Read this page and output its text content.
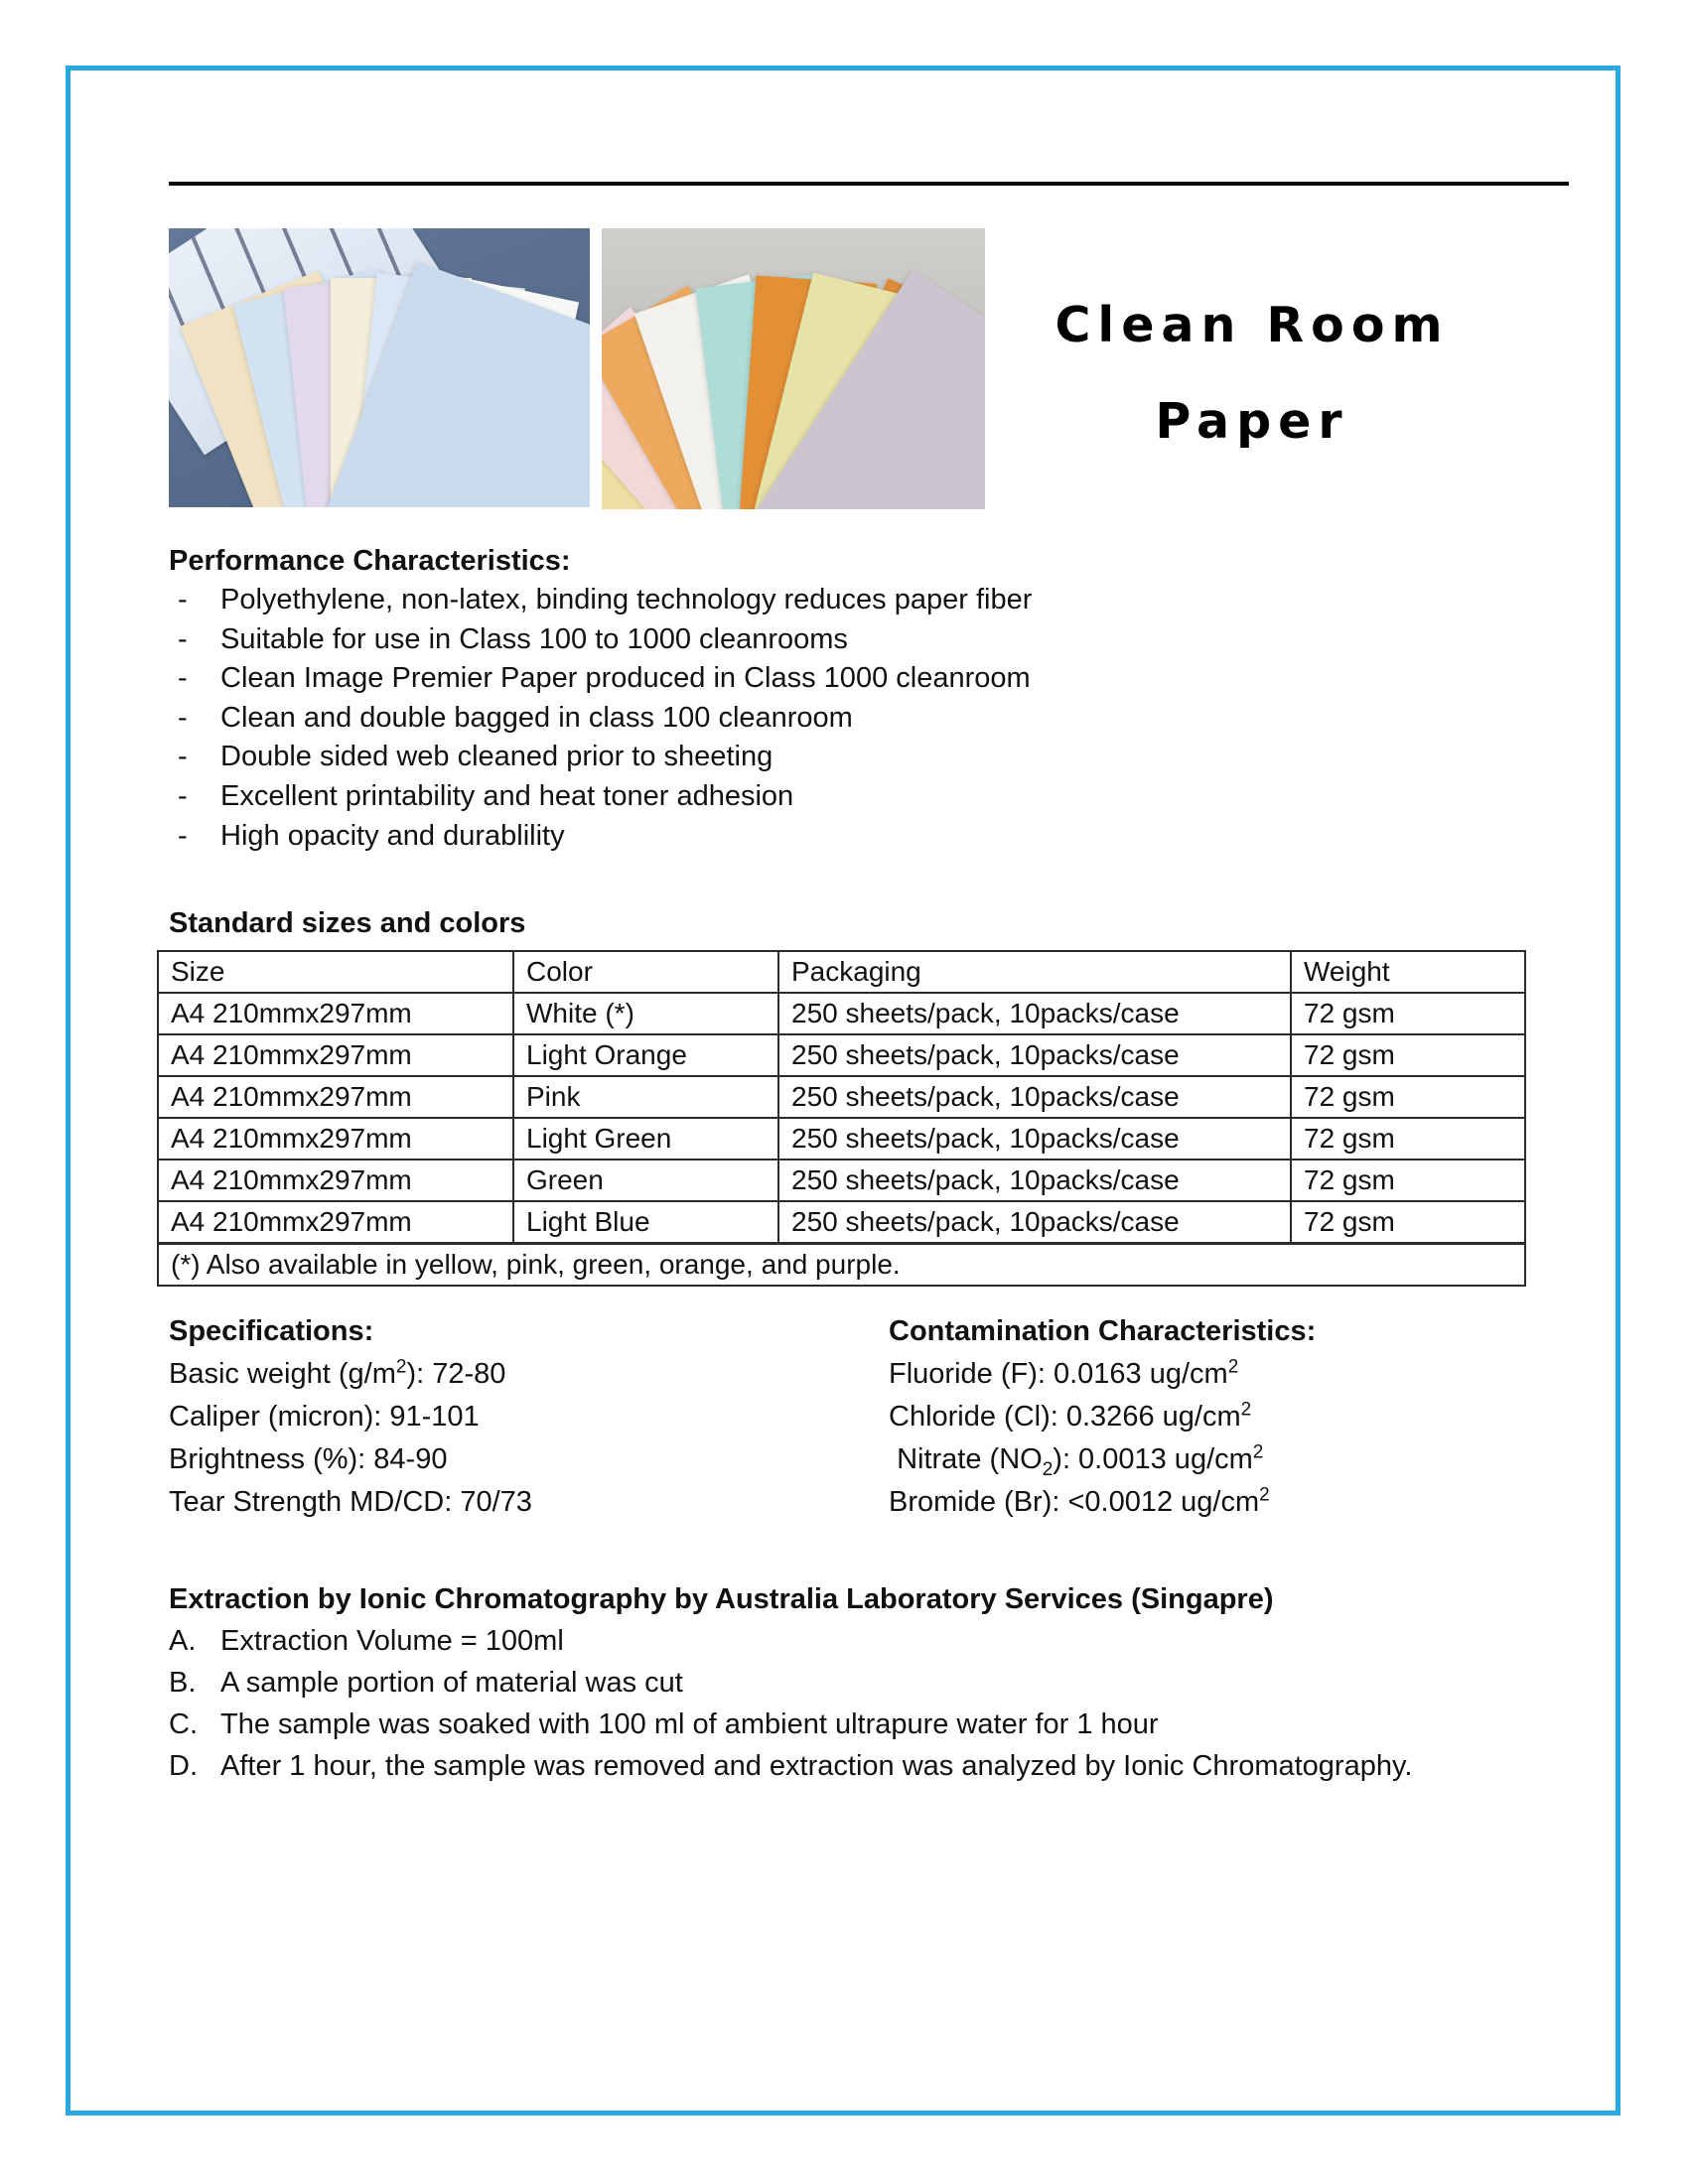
Clean Room
Paper
Performance Characteristics:
-	Polyethylene, non-latex, binding technology reduces paper fiber
-	Suitable for use in Class 100 to 1000 cleanrooms
-	Clean Image Premier Paper produced in Class 1000 cleanroom
-	Clean and double bagged in class 100 cleanroom
-	Double sided web cleaned prior to sheeting
-	Excellent printability and heat toner adhesion
-	High opacity and durablility
Standard sizes and colors
Size	Color	Packaging	Weight
A4 210mmx297mm	White (*)	250 sheets/pack, 10packs/case	72 gsm
A4 210mmx297mm	Light Orange	250 sheets/pack, 10packs/case	72 gsm
A4 210mmx297mm	Pink	250 sheets/pack, 10packs/case	72 gsm
A4 210mmx297mm	Light Green	250 sheets/pack, 10packs/case	72 gsm
A4 210mmx297mm	Green	250 sheets/pack, 10packs/case	72 gsm
A4 210mmx297mm	Light Blue	250 sheets/pack, 10packs/case	72 gsm
(*) Also available in yellow, pink, green, orange, and purple.			
Specifications:
Basic weight $(g/m^2)$: 72-80
Caliper (micron): 91-101
Brightness (%): 84-90
Tear Strength MD/CD: 70/73
Contamination Characteristics:
Fluoride (F): 0.0163 $ug/cm^2$
Chloride (Cl): 0.3266 $ug/cm^2$
Nitrate $(NO_2)$: 0.0013 $ug/cm^2$
Bromide (Br): <0.0012 $ug/cm^2$
Extraction by Ionic Chromatography by Australia Laboratory Services (Singapre)
A. Extraction Volume = 100ml
B. A sample portion of material was cut
C. The sample was soaked with 100 ml of ambient ultrapure water for 1 hour
D. After 1 hour, the sample was removed and extraction was analyzed by Ionic Chromatography.
